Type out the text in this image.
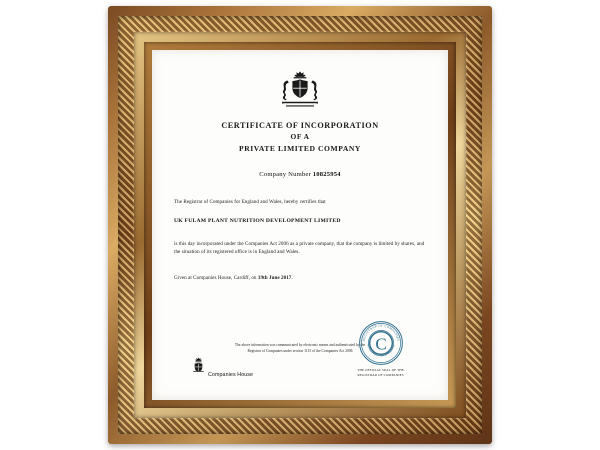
CERTIFICATE OF INCORPORATION
OF A
PRIVATE LIMITED COMPANY
Company Number 10825954
The Registrar of Companies for England and Wales, hereby certifies that
UK FULAM PLANT NUTRITION DEVELOPMENT LIMITED
is this day incorporated under the Companies Act 2006 as a private company, that the company is limited by shares, and the situation of its registered office is in England and Wales.
Given at Companies House, Cardiff, on 19th June 2017.
The above information was communicated by electronic means and authenticated by the
Registrar of Companies under section 1115 of the Companies Act 2006
Companies House
REGISTRAR OF COMPANIES
ENGLAND AND WALES
C
THE OFFICIAL SEAL OF THE
REGISTRAR OF COMPANIES
